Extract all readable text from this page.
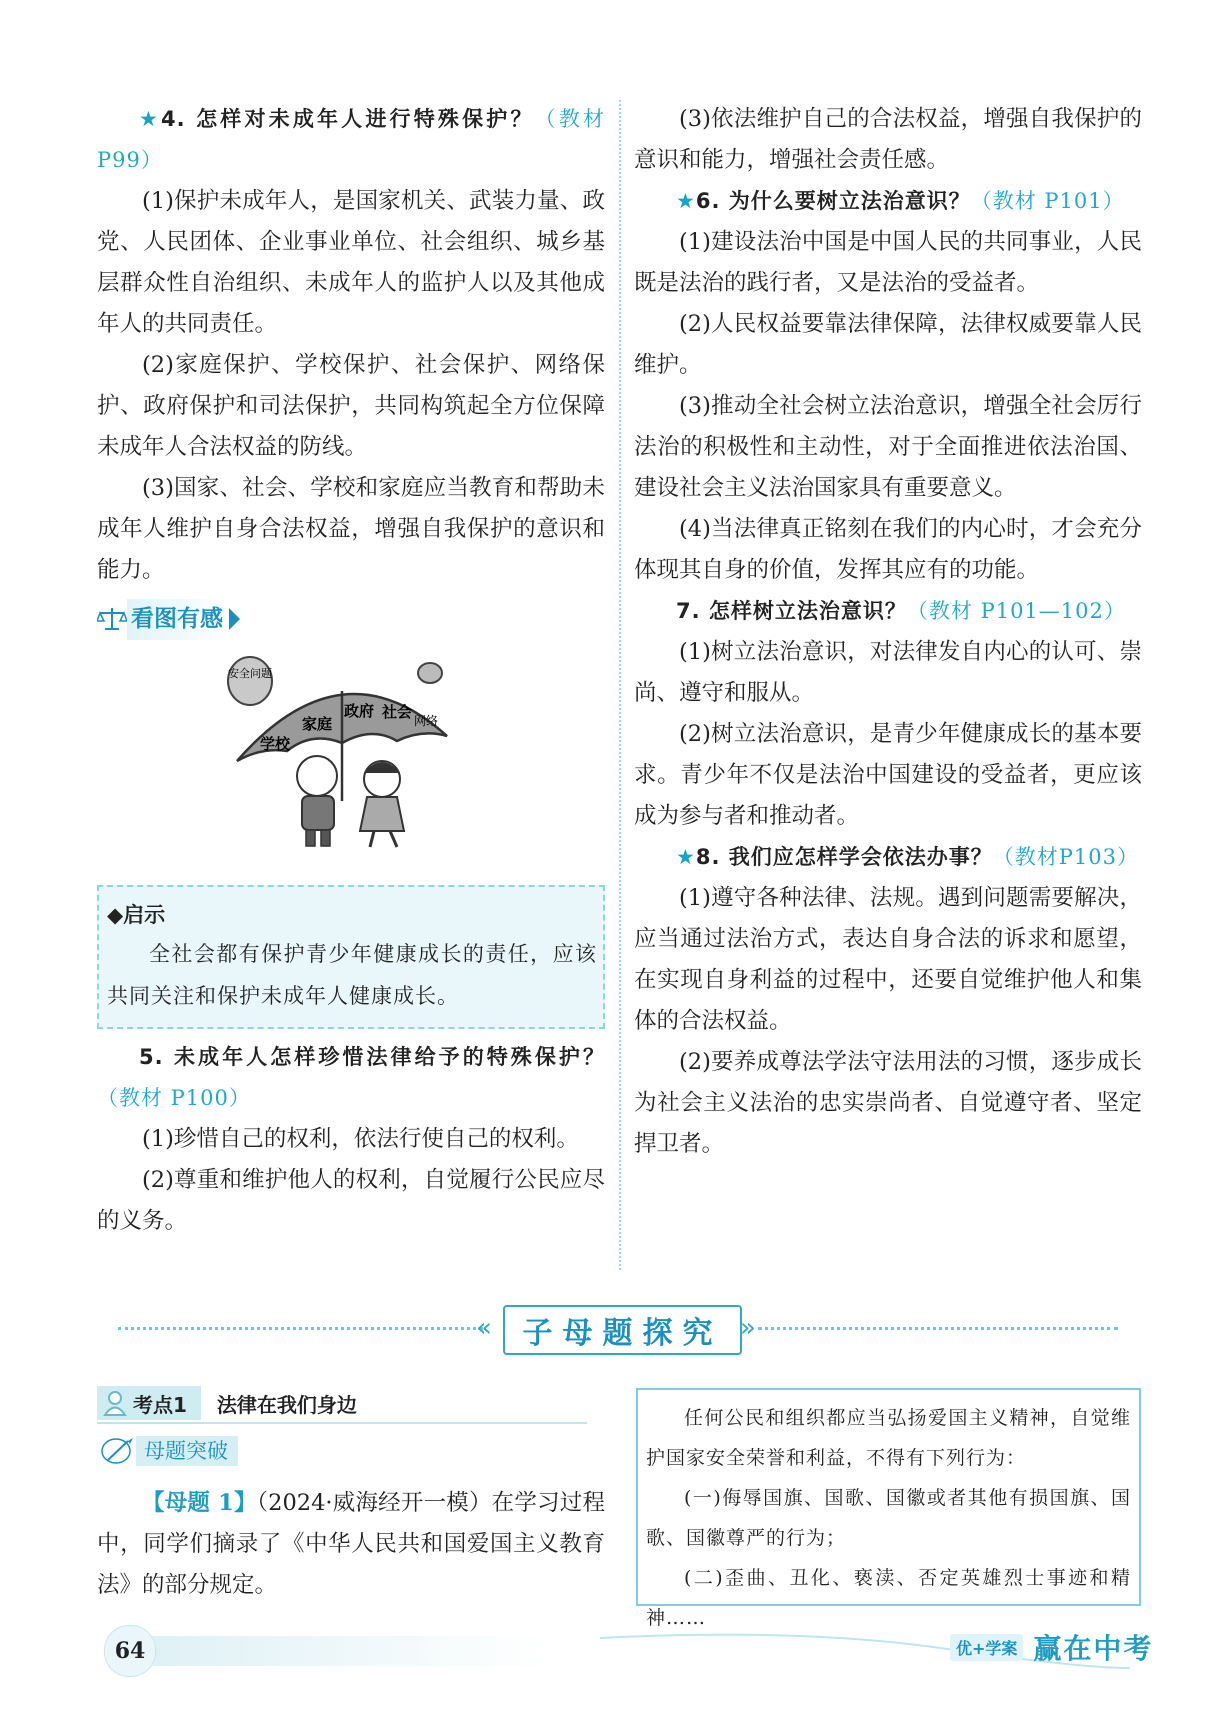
★4. 怎样对未成年人进行特殊保护？（教材P99）

(1)保护未成年人，是国家机关、武装力量、政党、人民团体、企业事业单位、社会组织、城乡基层群众性自治组织、未成年人的监护人以及其他成年人的共同责任。

(2)家庭保护、学校保护、社会保护、网络保护、政府保护和司法保护，共同构筑起全方位保障未成年人合法权益的防线。

(3)国家、社会、学校和家庭应当教育和帮助未成年人维护自身合法权益，增强自我保护的意识和能力。

看图有感
安全问题
学校
家庭
政府 社会 网络
◆启示

全社会都有保护青少年健康成长的责任，应该共同关注和保护未成年人健康成长。

5. 未成年人怎样珍惜法律给予的特殊保护？（教材 P100）

(1)珍惜自己的权利，依法行使自己的权利。

(2)尊重和维护他人的权利，自觉履行公民应尽的义务。

(3)依法维护自己的合法权益，增强自我保护的意识和能力，增强社会责任感。

★6. 为什么要树立法治意识？（教材 P101）

(1)建设法治中国是中国人民的共同事业，人民既是法治的践行者，又是法治的受益者。

(2)人民权益要靠法律保障，法律权威要靠人民维护。

(3)推动全社会树立法治意识，增强全社会厉行法治的积极性和主动性，对于全面推进依法治国、建设社会主义法治国家具有重要意义。

(4)当法律真正铭刻在我们的内心时，才会充分体现其自身的价值，发挥其应有的功能。

7. 怎样树立法治意识？（教材 P101—102）

(1)树立法治意识，对法律发自内心的认可、崇尚、遵守和服从。

(2)树立法治意识，是青少年健康成长的基本要求。青少年不仅是法治中国建设的受益者，更应该成为参与者和推动者。

★8. 我们应怎样学会依法办事？（教材P103）

(1)遵守各种法律、法规。遇到问题需要解决，应当通过法治方式，表达自身合法的诉求和愿望，在实现自身利益的过程中，还要自觉维护他人和集体的合法权益。

(2)要养成尊法学法守法用法的习惯，逐步成长为社会主义法治的忠实崇尚者、自觉遵守者、坚定捍卫者。

«	子母题探究 »
考点1 法律在我们身边
母题突破

【母题 1】（2024·威海经开一模）在学习过程中，同学们摘录了《中华人民共和国爱国主义教育法》的部分规定。

任何公民和组织都应当弘扬爱国主义精神，自觉维护国家安全荣誉和利益，不得有下列行为：

(一)侮辱国旗、国歌、国徽或者其他有损国旗、国歌、国徽尊严的行为；

(二)歪曲、丑化、亵渎、否定英雄烈士事迹和精神……

64	优+学案 赢在中考
